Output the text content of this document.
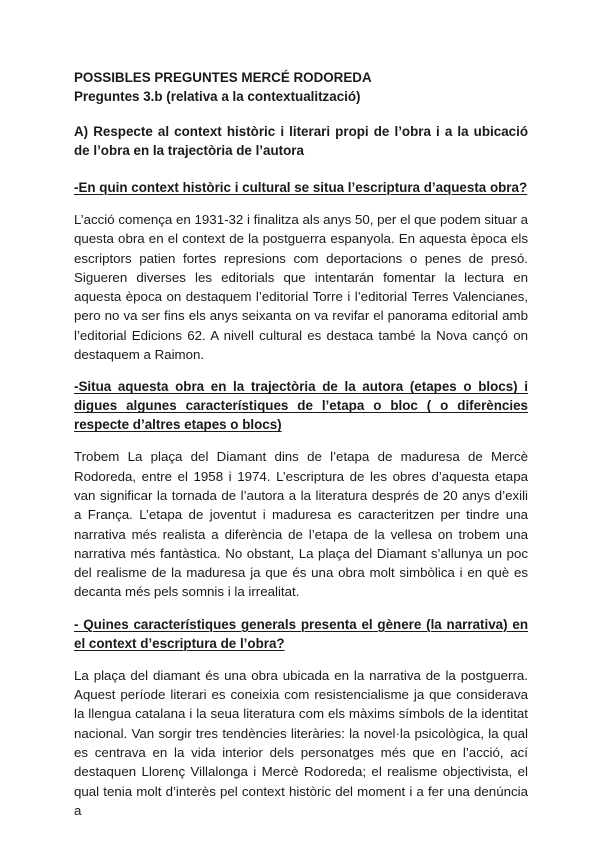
POSSIBLES PREGUNTES MERCÉ RODOREDA

Preguntes 3.b (relativa a la contextualització)

A) Respecte al context històric i literari propi de l’obra i a la ubicació de l’obra en la trajectòria de l’autora

-En quin context històric i cultural se situa l’escriptura d’aquesta obra?

L’acció comença en 1931-32 i finalitza als anys 50, per el que podem situar a questa obra en el context de la postguerra espanyola. En aquesta època els escriptors patien fortes represions com deportacions o penes de presó. Sigueren diverses les editorials que intentarán fomentar la lectura en aquesta època on destaquem l’editorial Torre i l’editorial Terres Valencianes, pero no va ser fins els anys seixanta on va revifar el panorama editorial amb l’editorial Edicions 62. A nivell cultural es destaca també la Nova cançó on destaquem a Raimon.

-Situa aquesta obra en la trajectòria de la autora (etapes o blocs) i digues algunes característiques de l’etapa o bloc ( o diferències respecte d’altres etapes o blocs)

Trobem La plaça del Diamant dins de l’etapa de maduresa de Mercè Rodoreda, entre el 1958 i 1974. L’escriptura de les obres d’aquesta etapa van significar la tornada de l’autora a la literatura després de 20 anys d’exili a França. L’etapa de joventut i maduresa es caracteritzen per tindre una narrativa més realista a diferència de l’etapa de la vellesa on trobem una narrativa més fantàstica. No obstant, La plaça del Diamant s’allunya un poc del realisme de la maduresa ja que és una obra molt simbòlica i en què es decanta més pels somnis i la irrealitat.

- Quines característiques generals presenta el gènere (la narrativa) en el context d’escriptura de l’obra?

La plaça del diamant és una obra ubicada en la narrativa de la postguerra. Aquest període literari es coneixia com resistencialisme ja que considerava la llengua catalana i la seua literatura com els màxims símbols de la identitat nacional. Van sorgir tres tendències literàries: la novel·la psicològica, la qual es centrava en la vida interior dels personatges més que en l’acció, ací destaquen Llorenç Villalonga i Mercè Rodoreda; el realisme objectivista, el qual tenia molt d’interès pel context històric del moment i a fer una denúncia a
